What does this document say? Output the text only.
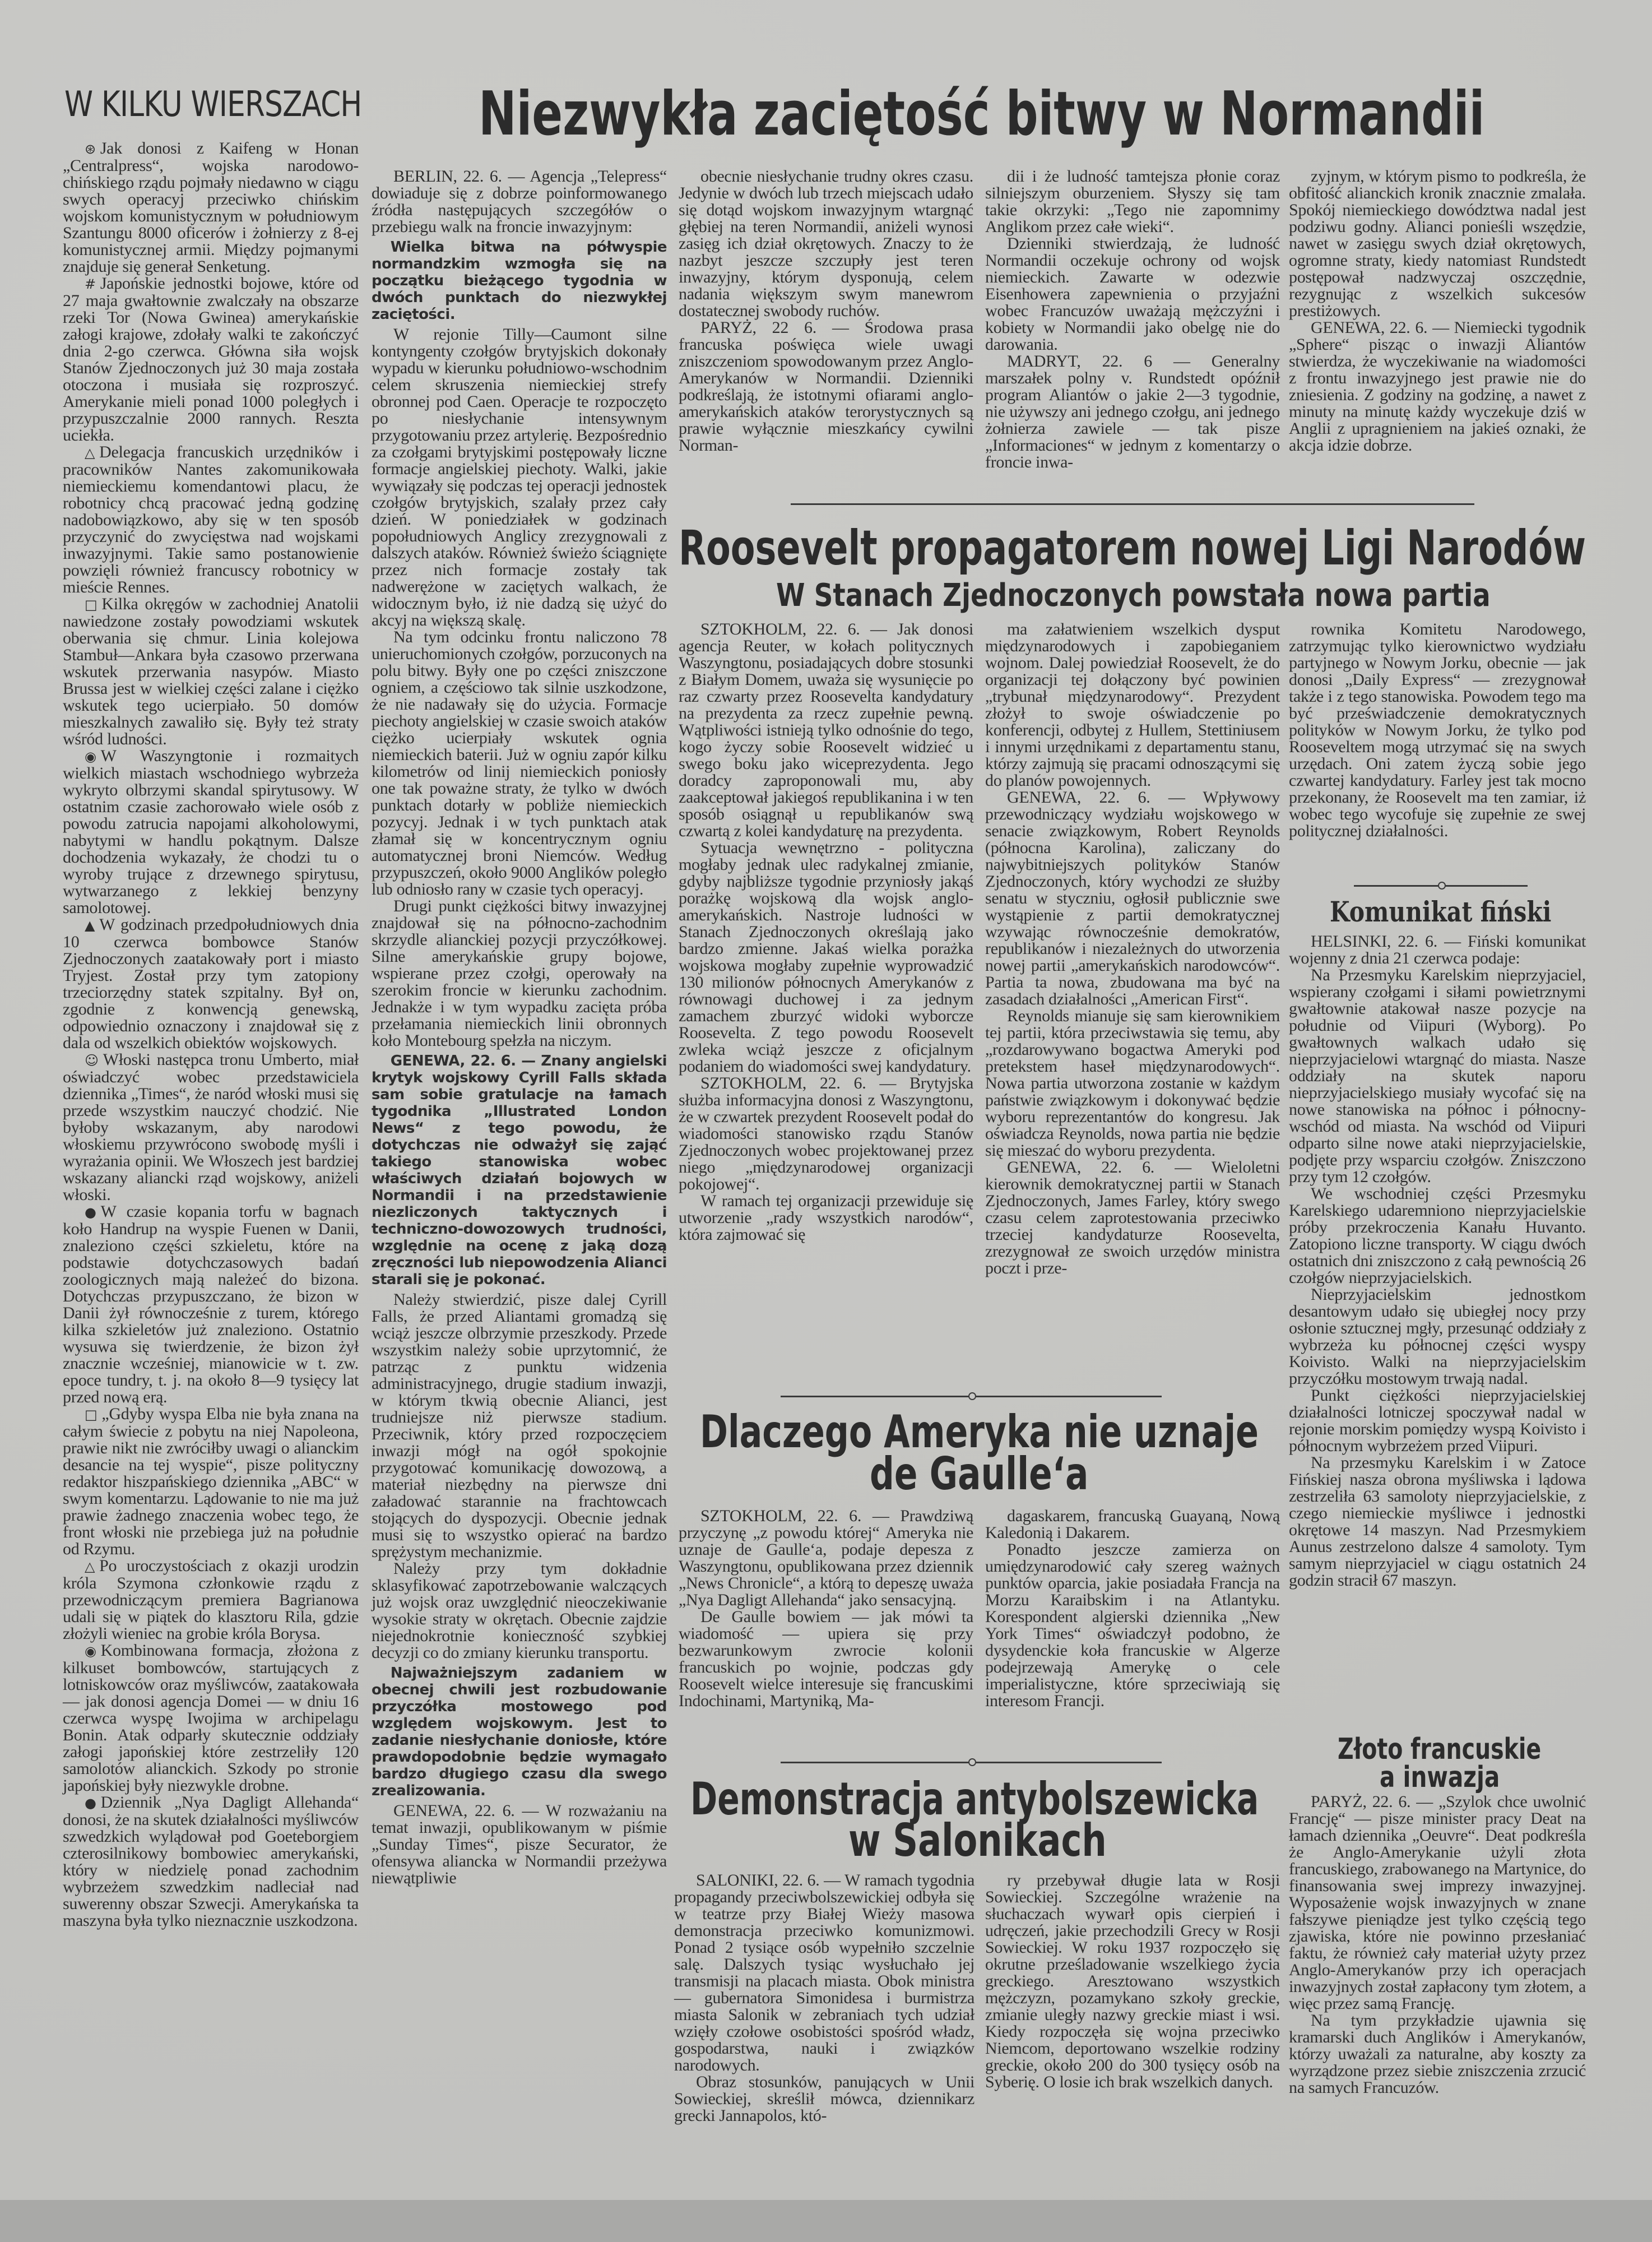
W KILKU WIERSZACH

⊛ Jak donosi z Kaifeng w Honan „Centralpress“, wojska narodowo-chińskiego rządu pojmały niedawno w ciągu swych operacyj przeciwko chińskim wojskom komunistycznym w południowym Szantungu 8000 oficerów i żołnierzy z 8-ej komunistycznej armii. Między pojmanymi znajduje się generał Senketung.

# Japońskie jednostki bojowe, które od 27 maja gwałtownie zwalczały na obszarze rzeki Tor (Nowa Gwinea) amerykańskie załogi krajowe, zdołały walki te zakończyć dnia 2-go czerwca. Główna siła wojsk Stanów Zjednoczonych już 30 maja została otoczona i musiała się rozproszyć. Amerykanie mieli ponad 1000 poległych i przypuszczalnie 2000 rannych. Reszta uciekła.

△ Delegacja francuskich urzędników i pracowników Nantes zakomunikowała niemieckiemu komendantowi placu, że robotnicy chcą pracować jedną godzinę nadobowiązkowo, aby się w ten sposób przyczynić do zwycięstwa nad wojskami inwazyjnymi. Takie samo postanowienie powzięli również francuscy robotnicy w mieście Rennes.

□ Kilka okręgów w zachodniej Anatolii nawiedzone zostały powodziami wskutek oberwania się chmur. Linia kolejowa Stambuł—Ankara była czasowo przerwana wskutek przerwania nasypów. Miasto Brussa jest w wielkiej części zalane i ciężko wskutek tego ucierpiało. 50 domów mieszkalnych zawaliło się. Były też straty wśród ludności.

◉ W Waszyngtonie i rozmaitych wielkich miastach wschodniego wybrzeża wykryto olbrzymi skandal spirytusowy. W ostatnim czasie zachorowało wiele osób z powodu zatrucia napojami alkoholowymi, nabytymi w handlu pokątnym. Dalsze dochodzenia wykazały, że chodzi tu o wyroby trujące z drzewnego spirytusu, wytwarzanego z lekkiej benzyny samolotowej.

▲ W godzinach przedpołudniowych dnia 10 czerwca bombowce Stanów Zjednoczonych zaatakowały port i miasto Tryjest. Został przy tym zatopiony trzeciorzędny statek szpitalny. Był on, zgodnie z konwencją genewską, odpowiednio oznaczony i znajdował się z dala od wszelkich obiektów wojskowych.

☺ Włoski następca tronu Umberto, miał oświadczyć wobec przedstawiciela dziennika „Times“, że naród włoski musi się przede wszystkim nauczyć chodzić. Nie byłoby wskazanym, aby narodowi włoskiemu przywrócono swobodę myśli i wyrażania opinii. We Włoszech jest bardziej wskazany aliancki rząd wojskowy, aniżeli włoski.

● W czasie kopania torfu w bagnach koło Handrup na wyspie Fuenen w Danii, znaleziono części szkieletu, które na podstawie dotychczasowych badań zoologicznych mają należeć do bizona. Dotychczas przypuszczano, że bizon w Danii żył równocześnie z turem, którego kilka szkieletów już znaleziono. Ostatnio wysuwa się twierdzenie, że bizon żył znacznie wcześniej, mianowicie w t. zw. epoce tundry, t. j. na około 8—9 tysięcy lat przed nową erą.

□ „Gdyby wyspa Elba nie była znana na całym świecie z pobytu na niej Napoleona, prawie nikt nie zwróciłby uwagi o alianckim desancie na tej wyspie“, pisze polityczny redaktor hiszpańskiego dziennika „ABC“ w swym komentarzu. Lądowanie to nie ma już prawie żadnego znaczenia wobec tego, że front włoski nie przebiega już na południe od Rzymu.

△ Po uroczystościach z okazji urodzin króla Szymona członkowie rządu z przewodniczącym premiera Bagrianowa udali się w piątek do klasztoru Rila, gdzie złożyli wieniec na grobie króla Borysa.

◉ Kombinowana formacja, złożona z kilkuset bombowców, startujących z lotniskowców oraz myśliwców, zaatakowała — jak donosi agencja Domei — w dniu 16 czerwca wyspę Iwojima w archipelagu Bonin. Atak odparły skutecznie oddziały załogi japońskiej które zestrzeliły 120 samolotów alianckich. Szkody po stronie japońskiej były niezwykle drobne.

● Dziennik „Nya Dagligt Allehanda“ donosi, że na skutek działalności myśliwców szwedzkich wylądował pod Goeteborgiem czterosilnikowy bombowiec amerykański, który w niedzielę ponad zachodnim wybrzeżem szwedzkim nadleciał nad suwerenny obszar Szwecji. Amerykańska ta maszyna była tylko nieznacznie uszkodzona.

Niezwykła zaciętość bitwy w Normandii

BERLIN, 22. 6. — Agencja „Telepress“ dowiaduje się z dobrze poinformowanego źródła następujących szczegółów o przebiegu walk na froncie inwazyjnym:

Wielka bitwa na półwyspie normandzkim wzmogła się na początku bieżącego tygodnia w dwóch punktach do niezwykłej zaciętości.

W rejonie Tilly—Caumont silne kontyngenty czołgów brytyjskich dokonały wypadu w kierunku południowo-wschodnim celem skruszenia niemieckiej strefy obronnej pod Caen. Operacje te rozpoczęto po niesłychanie intensywnym przygotowaniu przez artylerię. Bezpośrednio za czołgami brytyjskimi postępowały liczne formacje angielskiej piechoty. Walki, jakie wywiązały się podczas tej operacji jednostek czołgów brytyjskich, szalały przez cały dzień. W poniedziałek w godzinach popołudniowych Anglicy zrezygnowali z dalszych ataków. Również świeżo ściągnięte przez nich formacje zostały tak nadwerężone w zaciętych walkach, że widocznym było, iż nie dadzą się użyć do akcyj na większą skalę.

Na tym odcinku frontu naliczono 78 unieruchomionych czołgów, porzuconych na polu bitwy. Były one po części zniszczone ogniem, a częściowo tak silnie uszkodzone, że nie nadawały się do użycia. Formacje piechoty angielskiej w czasie swoich ataków ciężko ucierpiały wskutek ognia niemieckich baterii. Już w ogniu zapór kilku kilometrów od linij niemieckich poniosły one tak poważne straty, że tylko w dwóch punktach dotarły w pobliże niemieckich pozycyj. Jednak i w tych punktach atak złamał się w koncentrycznym ogniu automatycznej broni Niemców. Według przypuszczeń, około 9000 Anglików poległo lub odniosło rany w czasie tych operacyj.

Drugi punkt ciężkości bitwy inwazyjnej znajdował się na północno-zachodnim skrzydle alianckiej pozycji przyczółkowej. Silne amerykańskie grupy bojowe, wspierane przez czołgi, operowały na szerokim froncie w kierunku zachodnim. Jednakże i w tym wypadku zacięta próba przełamania niemieckich linii obronnych koło Montebourg spełzła na niczym.

GENEWA, 22. 6. — Znany angielski krytyk wojskowy Cyrill Falls składa sam sobie gratulacje na łamach tygodnika „Illustrated London News“ z tego powodu, że dotychczas nie odważył się zająć takiego stanowiska wobec właściwych działań bojowych w Normandii i na przedstawienie niezliczonych taktycznych i techniczno-dowozowych trudności, względnie na ocenę z jaką dozą zręczności lub niepowodzenia Alianci starali się je pokonać.

Należy stwierdzić, pisze dalej Cyrill Falls, że przed Aliantami gromadzą się wciąż jeszcze olbrzymie przeszkody. Przede wszystkim należy sobie uprzytomnić, że patrząc z punktu widzenia administracyjnego, drugie stadium inwazji, w którym tkwią obecnie Alianci, jest trudniejsze niż pierwsze stadium. Przeciwnik, który przed rozpoczęciem inwazji mógł na ogół spokojnie przygotować komunikację dowozową, a materiał niezbędny na pierwsze dni załadować starannie na frachtowcach stojących do dyspozycji. Obecnie jednak musi się to wszystko opierać na bardzo sprężystym mechanizmie.

Należy przy tym dokładnie sklasyfikować zapotrzebowanie walczących już wojsk oraz uwzględnić nieoczekiwanie wysokie straty w okrętach. Obecnie zajdzie niejednokrotnie konieczność szybkiej decyzji co do zmiany kierunku transportu.

Najważniejszym zadaniem w obecnej chwili jest rozbudowanie przyczółka mostowego pod względem wojskowym. Jest to zadanie niesłychanie doniosłe, które prawdopodobnie będzie wymagało bardzo długiego czasu dla swego zrealizowania.

GENEWA, 22. 6. — W rozważaniu na temat inwazji, opublikowanym w piśmie „Sunday Times“, pisze Securator, że ofensywa aliancka w Normandii przeżywa niewątpliwie

obecnie niesłychanie trudny okres czasu. Jedynie w dwóch lub trzech miejscach udało się dotąd wojskom inwazyjnym wtargnąć głębiej na teren Normandii, aniżeli wynosi zasięg ich dział okrętowych. Znaczy to że nazbyt jeszcze szczupły jest teren inwazyjny, którym dysponują, celem nadania większym swym manewrom dostatecznej swobody ruchów.

PARYŻ, 22 6. — Środowa prasa francuska poświęca wiele uwagi zniszczeniom spowodowanym przez Anglo-Amerykanów w Normandii. Dzienniki podkreślają, że istotnymi ofiarami anglo-amerykańskich ataków terorystycznych są prawie wyłącznie mieszkańcy cywilni Norman-

dii i że ludność tamtejsza płonie coraz silniejszym oburzeniem. Słyszy się tam takie okrzyki: „Tego nie zapomnimy Anglikom przez całe wieki“.

Dzienniki stwierdzają, że ludność Normandii oczekuje ochrony od wojsk niemieckich. Zawarte w odezwie Eisenhowera zapewnienia o przyjaźni wobec Francuzów uważają mężczyźni i kobiety w Normandii jako obelgę nie do darowania.

MADRYT, 22. 6 — Generalny marszałek polny v. Rundstedt opóźnił program Aliantów o jakie 2—3 tygodnie, nie używszy ani jednego czołgu, ani jednego żołnierza zawiele — tak pisze „Informaciones“ w jednym z komentarzy o froncie inwa-

zyjnym, w którym pismo to podkreśla, że obfitość alianckich kronik znacznie zmalała. Spokój niemieckiego dowództwa nadal jest podziwu godny. Alianci ponieśli wszędzie, nawet w zasięgu swych dział okrętowych, ogromne straty, kiedy natomiast Rundstedt postępował nadzwyczaj oszczędnie, rezygnując z wszelkich sukcesów prestiżowych.

GENEWA, 22. 6. — Niemiecki tygodnik „Sphere“ pisząc o inwazji Aliantów stwierdza, że wyczekiwanie na wiadomości z frontu inwazyjnego jest prawie nie do zniesienia. Z godziny na godzinę, a nawet z minuty na minutę każdy wyczekuje dziś w Anglii z upragnieniem na jakieś oznaki, że akcja idzie dobrze.

Roosevelt propagatorem nowej Ligi Narodów
W Stanach Zjednoczonych powstała nowa partia

SZTOKHOLM, 22. 6. — Jak donosi agencja Reuter, w kołach politycznych Waszyngtonu, posiadających dobre stosunki z Białym Domem, uważa się wysunięcie po raz czwarty przez Roosevelta kandydatury na prezydenta za rzecz zupełnie pewną. Wątpliwości istnieją tylko odnośnie do tego, kogo życzy sobie Roosevelt widzieć u swego boku jako wiceprezydenta. Jego doradcy zaproponowali mu, aby zaakceptował jakiegoś republikanina i w ten sposób osiągnął u republikanów swą czwartą z kolei kandydaturę na prezydenta.

Sytuacja wewnętrzno - polityczna mogłaby jednak ulec radykalnej zmianie, gdyby najbliższe tygodnie przyniosły jakąś porażkę wojskową dla wojsk anglo-amerykańskich. Nastroje ludności w Stanach Zjednoczonych określają jako bardzo zmienne. Jakaś wielka porażka wojskowa mogłaby zupełnie wyprowadzić 130 milionów północnych Amerykanów z równowagi duchowej i za jednym zamachem zburzyć widoki wyborcze Roosevelta. Z tego powodu Roosevelt zwleka wciąż jeszcze z oficjalnym podaniem do wiadomości swej kandydatury.

SZTOKHOLM, 22. 6. — Brytyjska służba informacyjna donosi z Waszyngtonu, że w czwartek prezydent Roosevelt podał do wiadomości stanowisko rządu Stanów Zjednoczonych wobec projektowanej przez niego „międzynarodowej organizacji pokojowej“.

W ramach tej organizacji przewiduje się utworzenie „rady wszystkich narodów“, która zajmować się

ma załatwieniem wszelkich dysput międzynarodowych i zapobieganiem wojnom. Dalej powiedział Roosevelt, że do organizacji tej dołączony być powinien „trybunał międzynarodowy“. Prezydent złożył to swoje oświadczenie po konferencji, odbytej z Hullem, Stettiniusem i innymi urzędnikami z departamentu stanu, którzy zajmują się pracami odnoszącymi się do planów powojennych.

GENEWA, 22. 6. — Wpływowy przewodniczący wydziału wojskowego w senacie związkowym, Robert Reynolds (północna Karolina), zaliczany do najwybitniejszych polityków Stanów Zjednoczonych, który wychodzi ze służby senatu w styczniu, ogłosił publicznie swe wystąpienie z partii demokratycznej wzywając równocześnie demokratów, republikanów i niezależnych do utworzenia nowej partii „amerykańskich narodowców“. Partia ta nowa, zbudowana ma być na zasadach działalności „American First“.

Reynolds mianuje się sam kierownikiem tej partii, która przeciwstawia się temu, aby „rozdarowywano bogactwa Ameryki pod pretekstem haseł międzynarodowych“. Nowa partia utworzona zostanie w każdym państwie związkowym i dokonywać będzie wyboru reprezentantów do kongresu. Jak oświadcza Reynolds, nowa partia nie będzie się mieszać do wyboru prezydenta.

GENEWA, 22. 6. — Wieloletni kierownik demokratycznej partii w Stanach Zjednoczonych, James Farley, który swego czasu celem zaprotestowania przeciwko trzeciej kandydaturze Roosevelta, zrezygnował ze swoich urzędów ministra poczt i prze-

rownika Komitetu Narodowego, zatrzymując tylko kierownictwo wydziału partyjnego w Nowym Jorku, obecnie — jak donosi „Daily Express“ — zrezygnował także i z tego stanowiska. Powodem tego ma być przeświadczenie demokratycznych polityków w Nowym Jorku, że tylko pod Rooseveltem mogą utrzymać się na swych urzędach. Oni zatem życzą sobie jego czwartej kandydatury. Farley jest tak mocno przekonany, że Roosevelt ma ten zamiar, iż wobec tego wycofuje się zupełnie ze swej politycznej działalności.

Komunikat fiński

HELSINKI, 22. 6. — Fiński komunikat wojenny z dnia 21 czerwca podaje:

Na Przesmyku Karelskim nieprzyjaciel, wspierany czołgami i siłami powietrznymi gwałtownie atakował nasze pozycje na południe od Viipuri (Wyborg). Po gwałtownych walkach udało się nieprzyjacielowi wtargnąć do miasta. Nasze oddziały na skutek naporu nieprzyjacielskiego musiały wycofać się na nowe stanowiska na północ i północny-wschód od miasta. Na wschód od Viipuri odparto silne nowe ataki nieprzyjacielskie, podjęte przy wsparciu czołgów. Zniszczono przy tym 12 czołgów.

We wschodniej części Przesmyku Karelskiego udaremniono nieprzyjacielskie próby przekroczenia Kanału Huvanto. Zatopiono liczne transporty. W ciągu dwóch ostatnich dni zniszczono z całą pewnością 26 czołgów nieprzyjacielskich.

Nieprzyjacielskim jednostkom desantowym udało się ubiegłej nocy przy osłonie sztucznej mgły, przesunąć oddziały z wybrzeża ku północnej części wyspy Koivisto. Walki na nieprzyjacielskim przyczółku mostowym trwają nadal.

Punkt ciężkości nieprzyjacielskiej działalności lotniczej spoczywał nadal w rejonie morskim pomiędzy wyspą Koivisto i północnym wybrzeżem przed Viipuri.

Na przesmyku Karelskim i w Zatoce Fińskiej nasza obrona myśliwska i lądowa zestrzeliła 63 samoloty nieprzyjacielskie, z czego niemieckie myśliwce i jednostki okrętowe 14 maszyn. Nad Przesmykiem Aunus zestrzelono dalsze 4 samoloty. Tym samym nieprzyjaciel w ciągu ostatnich 24 godzin stracił 67 maszyn.

Dlaczego Ameryka nie uznaje
de Gaulle‘a

SZTOKHOLM, 22. 6. — Prawdziwą przyczynę „z powodu której“ Ameryka nie uznaje de Gaulle‘a, podaje depesza z Waszyngtonu, opublikowana przez dziennik „News Chronicle“, a którą to depeszę uważa „Nya Dagligt Allehanda“ jako sensacyjną.

De Gaulle bowiem — jak mówi ta wiadomość — upiera się przy bezwarunkowym zwrocie kolonii francuskich po wojnie, podczas gdy Roosevelt wielce interesuje się francuskimi Indochinami, Martyniką, Ma-

dagaskarem, francuską Guayaną, Nową Kaledonią i Dakarem.

Ponadto jeszcze zamierza on umiędzynarodowić cały szereg ważnych punktów oparcia, jakie posiadała Francja na Morzu Karaibskim i na Atlantyku. Korespondent algierski dziennika „New York Times“ oświadczył podobno, że dysydenckie koła francuskie w Algerze podejrzewają Amerykę o cele imperialistyczne, które sprzeciwiają się interesom Francji.

Złoto francuskie
a inwazja

PARYŻ, 22. 6. — „Szylok chce uwolnić Francję“ — pisze minister pracy Deat na łamach dziennika „Oeuvre“. Deat podkreśla że Anglo-Amerykanie użyli złota francuskiego, zrabowanego na Martynice, do finansowania swej imprezy inwazyjnej. Wyposażenie wojsk inwazyjnych w znane fałszywe pieniądze jest tylko częścią tego zjawiska, które nie powinno przesłaniać faktu, że również cały materiał użyty przez Anglo-Amerykanów przy ich operacjach inwazyjnych został zapłacony tym złotem, a więc przez samą Francję.

Na tym przykładzie ujawnia się kramarski duch Anglików i Amerykanów, którzy uważali za naturalne, aby koszty za wyrządzone przez siebie zniszczenia zrzucić na samych Francuzów.

Demonstracja antybolszewicka
w Salonikach

SALONIKI, 22. 6. — W ramach tygodnia propagandy przeciwbolszewickiej odbyła się w teatrze przy Białej Wieży masowa demonstracja przeciwko komunizmowi. Ponad 2 tysiące osób wypełniło szczelnie salę. Dalszych tysiąc wysłuchało jej transmisji na placach miasta. Obok ministra — gubernatora Simonidesa i burmistrza miasta Salonik w zebraniach tych udział wzięły czołowe osobistości spośród władz, gospodarstwa, nauki i związków narodowych.

Obraz stosunków, panujących w Unii Sowieckiej, skreślił mówca, dziennikarz grecki Jannapolos, któ-

ry przebywał długie lata w Rosji Sowieckiej. Szczególne wrażenie na słuchaczach wywarł opis cierpień i udręczeń, jakie przechodzili Grecy w Rosji Sowieckiej. W roku 1937 rozpoczęło się okrutne prześladowanie wszelkiego życia greckiego. Aresztowano wszystkich mężczyzn, pozamykano szkoły greckie, zmianie uległy nazwy greckie miast i wsi. Kiedy rozpoczęła się wojna przeciwko Niemcom, deportowano wszelkie rodziny greckie, około 200 do 300 tysięcy osób na Syberię. O losie ich brak wszelkich danych.
